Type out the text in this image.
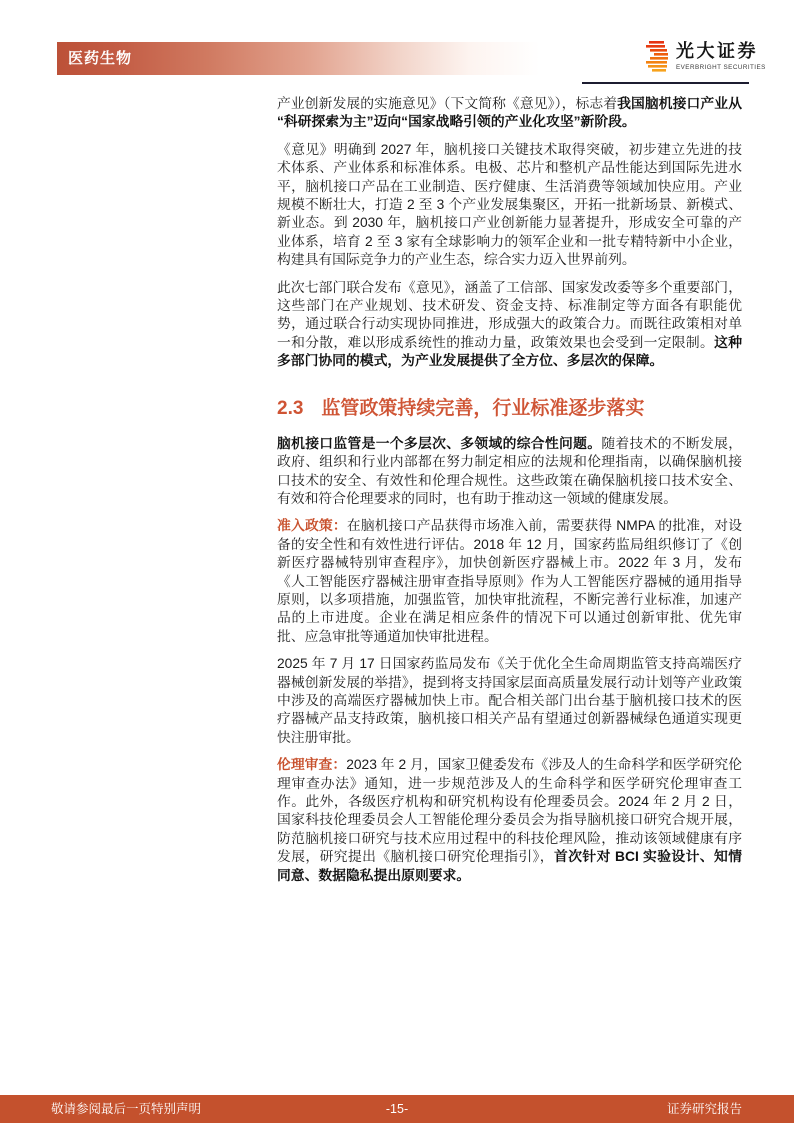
医药生物	光大证券
EVERBRIGHT SECURITIES

产业创新发展的实施意见》（下文简称《意见》），标志着我国脑机接口产业从“科研探索为主”迈向“国家战略引领的产业化攻坚”新阶段。

《意见》明确到 2027 年，脑机接口关键技术取得突破，初步建立先进的技术体系、产业体系和标准体系。电极、芯片和整机产品性能达到国际先进水平，脑机接口产品在工业制造、医疗健康、生活消费等领域加快应用。产业规模不断壮大，打造 2 至 3 个产业发展集聚区，开拓一批新场景、新模式、新业态。到 2030 年，脑机接口产业创新能力显著提升，形成安全可靠的产业体系，培育 2 至 3 家有全球影响力的领军企业和一批专精特新中小企业，构建具有国际竞争力的产业生态，综合实力迈入世界前列。

此次七部门联合发布《意见》，涵盖了工信部、国家发改委等多个重要部门，这些部门在产业规划、技术研发、资金支持、标准制定等方面各有职能优势，通过联合行动实现协同推进，形成强大的政策合力。而既往政策相对单一和分散，难以形成系统性的推动力量，政策效果也会受到一定限制。这种多部门协同的模式，为产业发展提供了全方位、多层次的保障。

2.3 监管政策持续完善，行业标准逐步落实

脑机接口监管是一个多层次、多领域的综合性问题。随着技术的不断发展，政府、组织和行业内部都在努力制定相应的法规和伦理指南，以确保脑机接口技术的安全、有效性和伦理合规性。这些政策在确保脑机接口技术安全、有效和符合伦理要求的同时，也有助于推动这一领域的健康发展。

准入政策：在脑机接口产品获得市场准入前，需要获得 NMPA 的批准，对设备的安全性和有效性进行评估。2018 年 12 月，国家药监局组织修订了《创新医疗器械特别审查程序》，加快创新医疗器械上市。2022 年 3 月，发布《人工智能医疗器械注册审查指导原则》作为人工智能医疗器械的通用指导原则，以多项措施，加强监管，加快审批流程，不断完善行业标准，加速产品的上市进度。企业在满足相应条件的情况下可以通过创新审批、优先审批、应急审批等通道加快审批进程。

2025 年 7 月 17 日国家药监局发布《关于优化全生命周期监管支持高端医疗器械创新发展的举措》，提到将支持国家层面高质量发展行动计划等产业政策中涉及的高端医疗器械加快上市。配合相关部门出台基于脑机接口技术的医疗器械产品支持政策，脑机接口相关产品有望通过创新器械绿色通道实现更快注册审批。

伦理审查：2023 年 2 月，国家卫健委发布《涉及人的生命科学和医学研究伦理审查办法》通知，进一步规范涉及人的生命科学和医学研究伦理审查工作。此外，各级医疗机构和研究机构设有伦理委员会。2024 年 2 月 2 日，国家科技伦理委员会人工智能伦理分委员会为指导脑机接口研究合规开展，防范脑机接口研究与技术应用过程中的科技伦理风险，推动该领域健康有序发展，研究提出《脑机接口研究伦理指引》，首次针对 BCI 实验设计、知情同意、数据隐私提出原则要求。

敬请参阅最后一页特别声明	-15-	证券研究报告
